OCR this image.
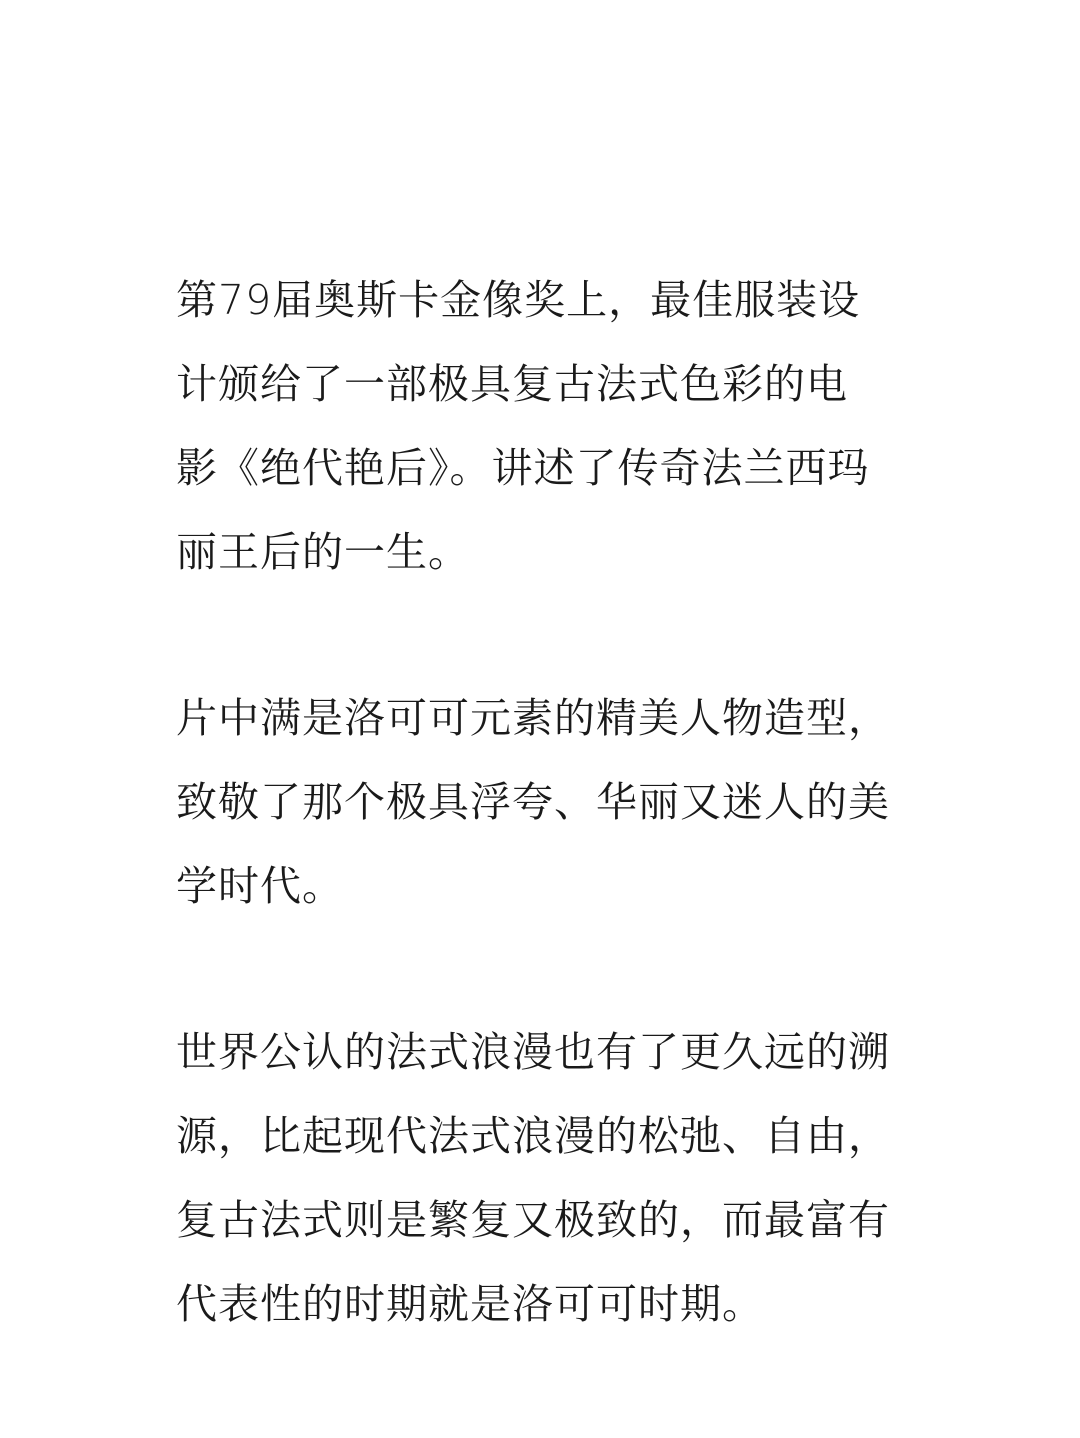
第79届奥斯卡金像奖上，最佳服装设
计颁给了一部极具复古法式色彩的电
影《绝代艳后》。讲述了传奇法兰西玛
丽王后的一生。

片中满是洛可可元素的精美人物造型，
致敬了那个极具浮夸、华丽又迷人的美
学时代。

世界公认的法式浪漫也有了更久远的溯
源，比起现代法式浪漫的松弛、自由，
复古法式则是繁复又极致的，而最富有
代表性的时期就是洛可可时期。
